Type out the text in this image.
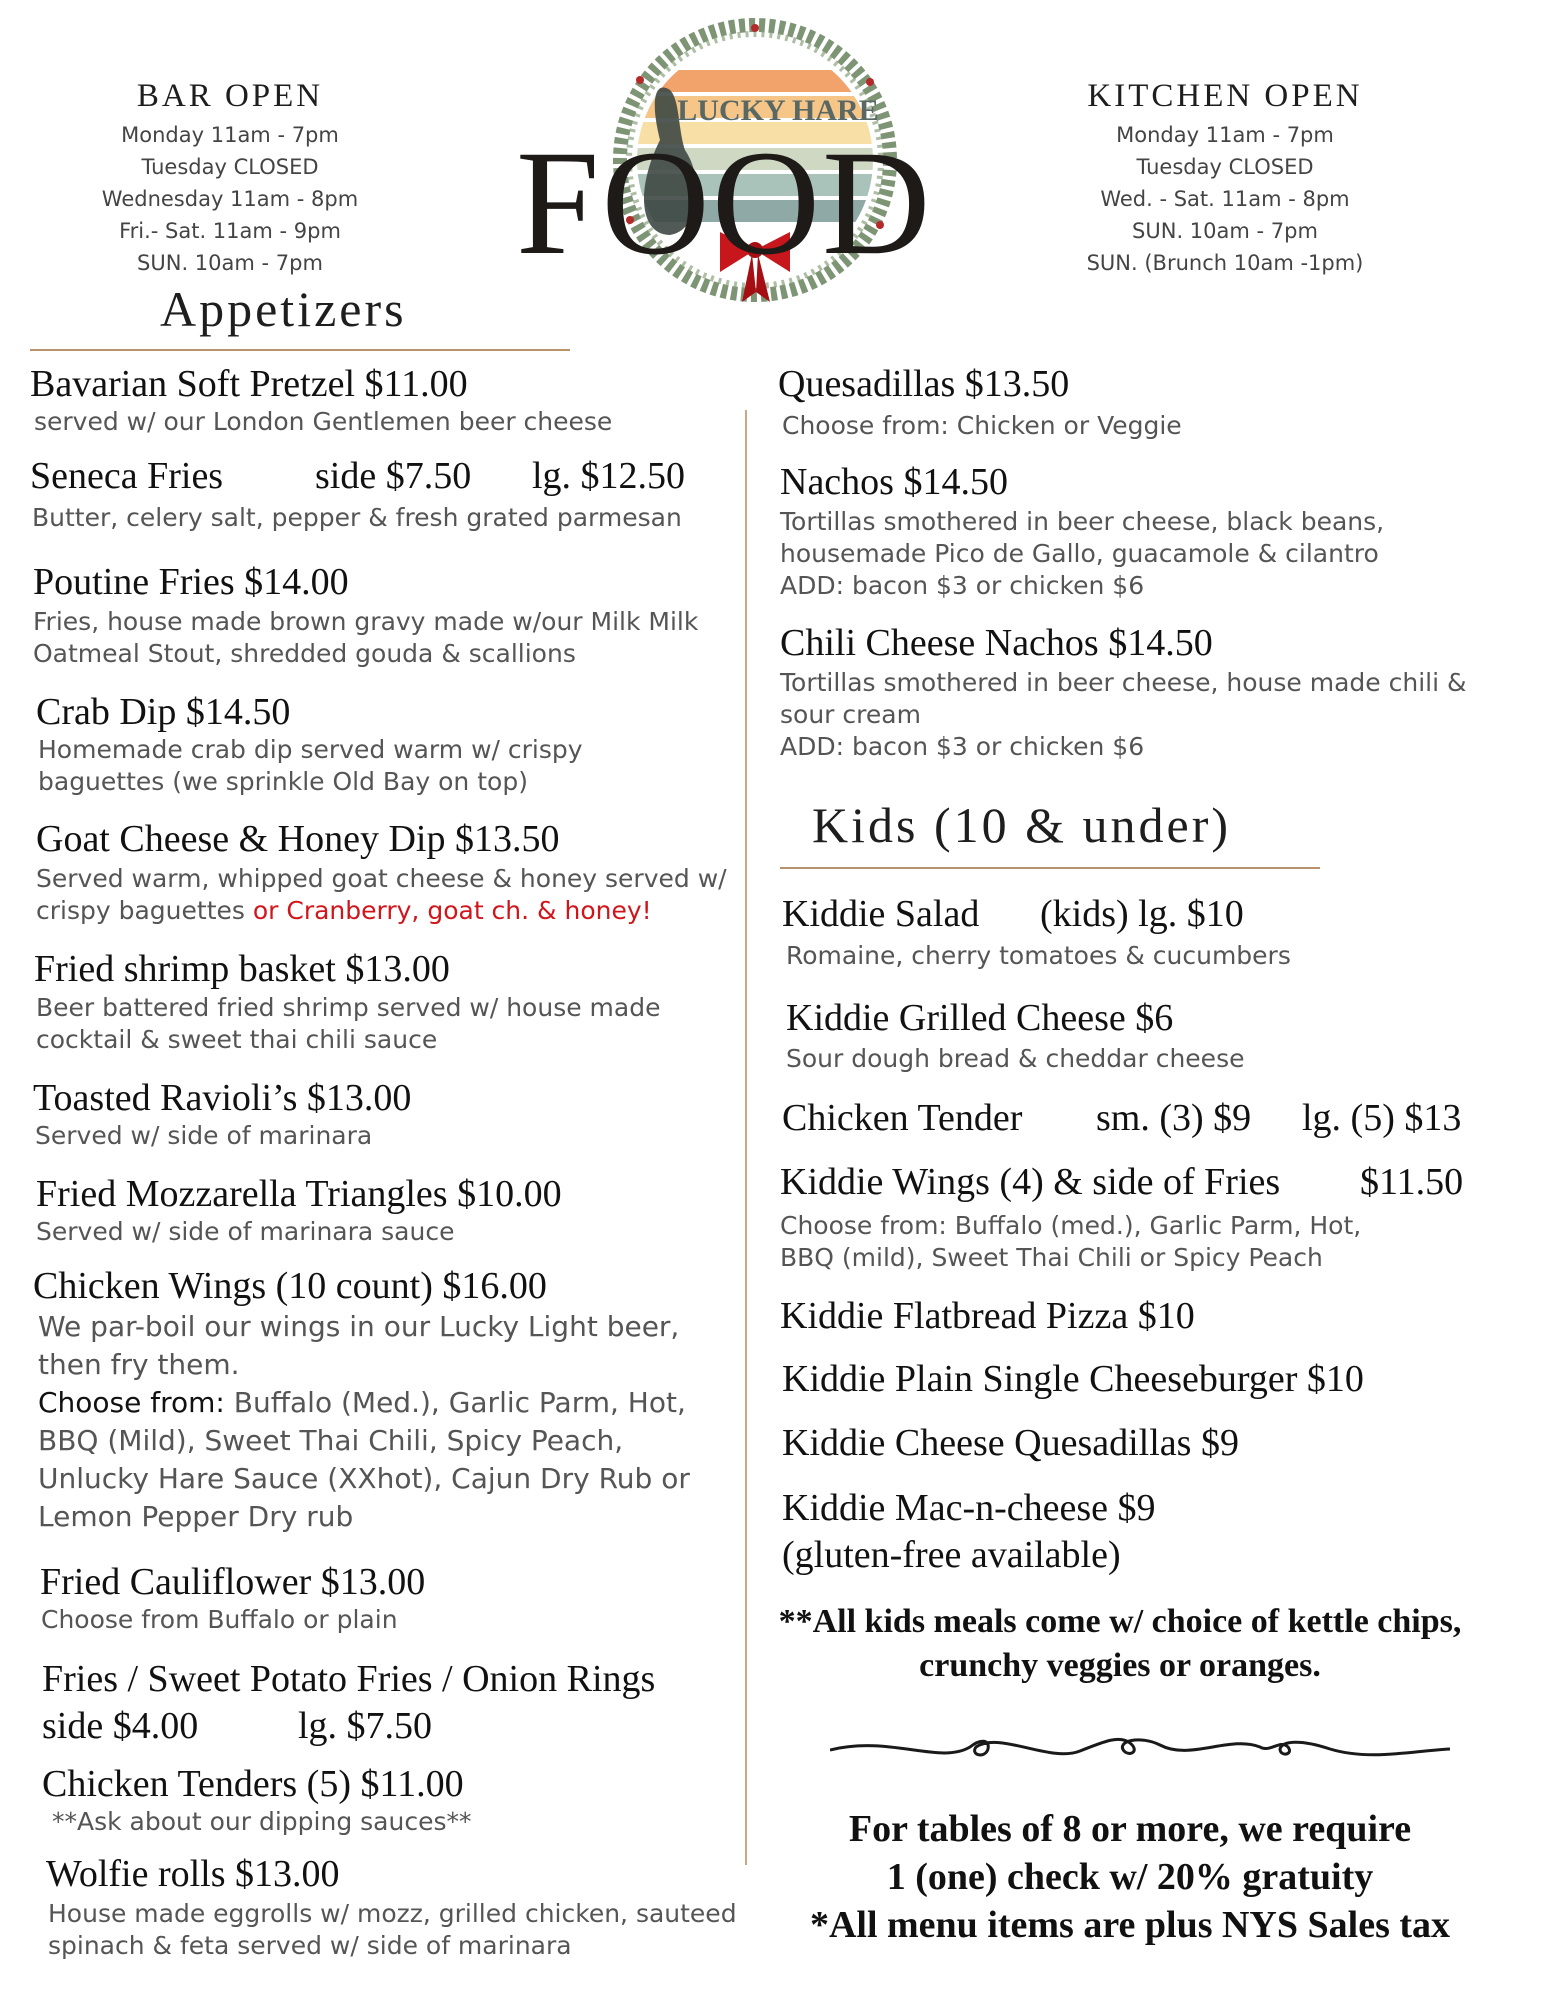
BAR OPEN
Monday 11am - 7pm
Tuesday CLOSED
Wednesday 11am - 8pm
Fri.- Sat. 11am - 9pm
SUN. 10am - 7pm
KITCHEN OPEN
Monday 11am - 7pm
Tuesday CLOSED
Wed. - Sat. 11am - 8pm
SUN. 10am - 7pm
SUN. (Brunch 10am -1pm)
LUCKY HARE
FOOD
Appetizers
Bavarian Soft Pretzel $11.00
served w/ our London Gentlemen beer cheese
Seneca Fries side $7.50 lg. $12.50
Butter, celery salt, pepper & fresh grated parmesan
Poutine Fries $14.00
Fries, house made brown gravy made w/our Milk Milk Oatmeal Stout, shredded gouda & scallions
Crab Dip $14.50
Homemade crab dip served warm w/ crispy baguettes (we sprinkle Old Bay on top)
Goat Cheese & Honey Dip $13.50
Served warm, whipped goat cheese & honey served w/ crispy baguettes or Cranberry, goat ch. & honey!
Fried shrimp basket $13.00
Beer battered fried shrimp served w/ house made cocktail & sweet thai chili sauce
Toasted Ravioli’s $13.00
Served w/ side of marinara
Fried Mozzarella Triangles $10.00
Served w/ side of marinara sauce
Chicken Wings (10 count) $16.00
We par-boil our wings in our Lucky Light beer, then fry them.
Choose from: Buffalo (Med.), Garlic Parm, Hot, BBQ (Mild), Sweet Thai Chili, Spicy Peach, Unlucky Hare Sauce (XXhot), Cajun Dry Rub or Lemon Pepper Dry rub
Fried Cauliflower $13.00
Choose from Buffalo or plain
Fries / Sweet Potato Fries / Onion Rings
side $4.00	lg. $7.50
Chicken Tenders (5) $11.00
**Ask about our dipping sauces**
Wolfie rolls $13.00
House made eggrolls w/ mozz, grilled chicken, sauteed spinach & feta served w/ side of marinara
Quesadillas $13.50
Choose from: Chicken or Veggie
Nachos $14.50
Tortillas smothered in beer cheese, black beans, housemade Pico de Gallo, guacamole & cilantro
ADD: bacon $3 or chicken $6
Chili Cheese Nachos $14.50
Tortillas smothered in beer cheese, house made chili & sour cream
ADD: bacon $3 or chicken $6
Kids (10 & under)
Kiddie Salad (kids) lg. $10
Romaine, cherry tomatoes & cucumbers
Kiddie Grilled Cheese $6
Sour dough bread & cheddar cheese
Chicken Tender sm. (3) $9 lg. (5) $13
Kiddie Wings (4) & side of Fries $11.50
Choose from: Buffalo (med.), Garlic Parm, Hot, BBQ (mild), Sweet Thai Chili or Spicy Peach
Kiddie Flatbread Pizza $10
Kiddie Plain Single Cheeseburger $10
Kiddie Cheese Quesadillas $9
Kiddie Mac-n-cheese $9
(gluten-free available)
**All kids meals come w/ choice of kettle chips, crunchy veggies or oranges.
For tables of 8 or more, we require
1 (one) check w/ 20% gratuity
*All menu items are plus NYS Sales tax
